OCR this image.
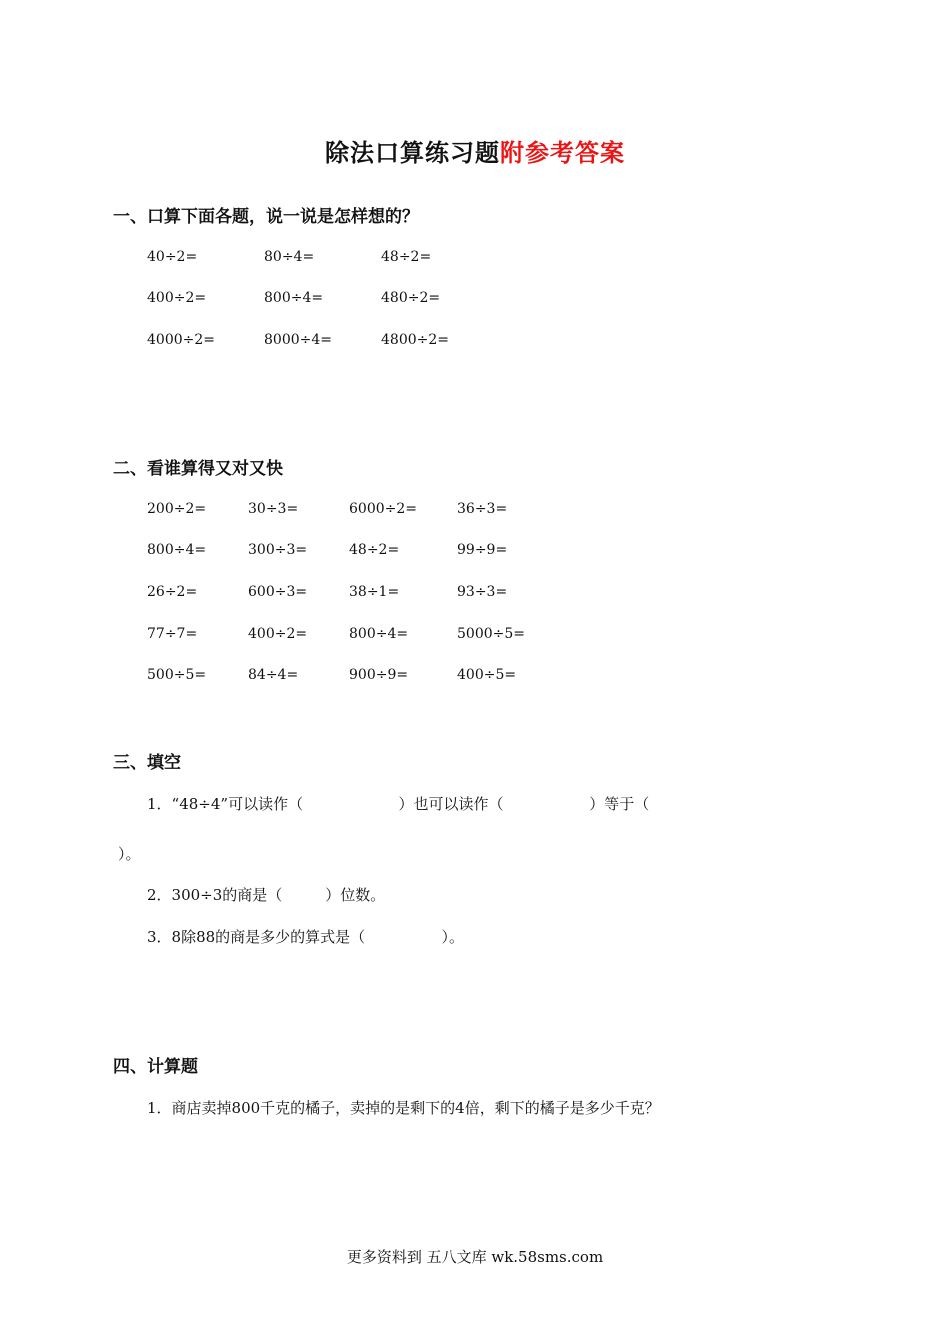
除法口算练习题附参考答案
一、口算下面各题，说一说是怎样想的？
40÷2=	80÷4=	48÷2=
400÷2=	800÷4=	480÷2=
4000÷2=	8000÷4=	4800÷2=
二、看谁算得又对又快
200÷2=	30÷3=	6000÷2=	36÷3=
800÷4=	300÷3=	48÷2=	99÷9=
26÷2=	600÷3=	38÷1=	93÷3=
77÷7=	400÷2=	800÷4=	5000÷5=
500÷5=	84÷4=	900÷9=	400÷5=
三、填空
1．“48÷4”可以读作（                    ）也可以读作（                  ）等于（
）。
2．300÷3的商是（         ）位数。
3．8除88的商是多少的算式是（                ）。
四、计算题
1．商店卖掉800千克的橘子，卖掉的是剩下的4倍，剩下的橘子是多少千克？
更多资料到 五八文库 wk.58sms.com
